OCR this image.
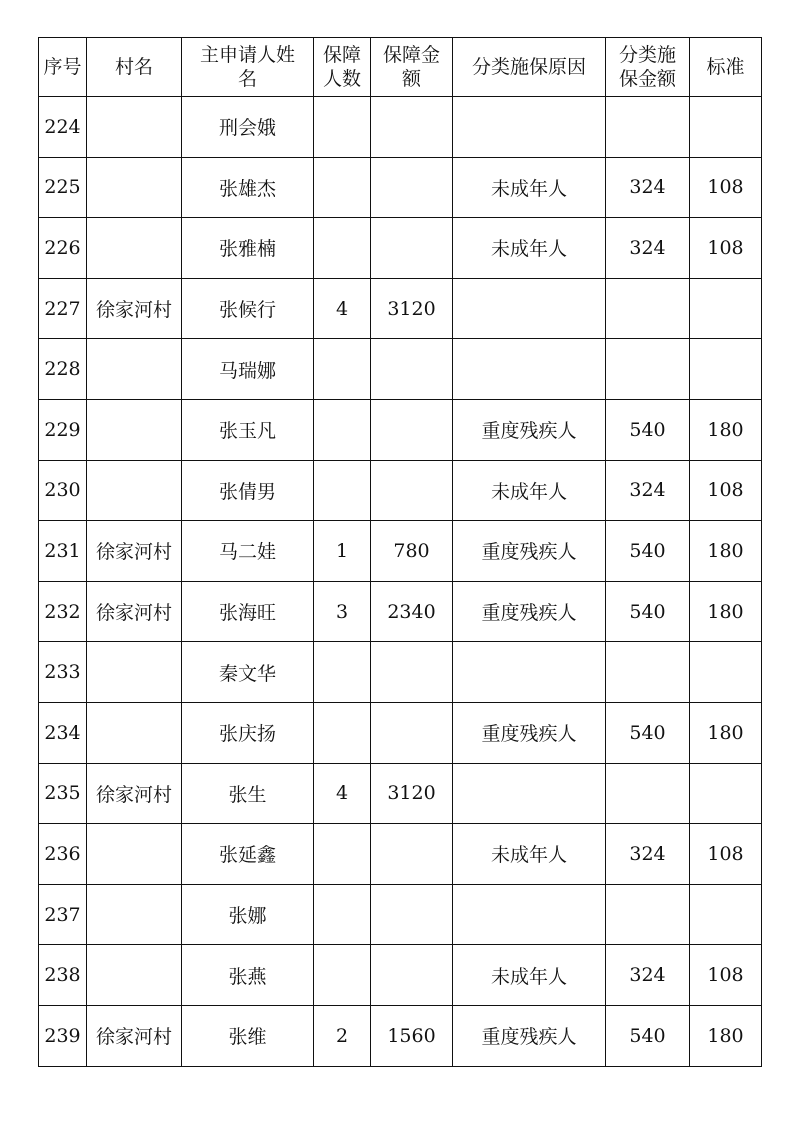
序号	村名	主申请人姓名	保障人数	保障金额	分类施保原因	分类施保金额	标准
224		刑会娥					
225		张雄杰			未成年人	324	108
226		张雅楠			未成年人	324	108
227	徐家河村	张候行	4	3120			
228		马瑞娜					
229		张玉凡			重度残疾人	540	180
230		张倩男			未成年人	324	108
231	徐家河村	马二娃	1	780	重度残疾人	540	180
232	徐家河村	张海旺	3	2340	重度残疾人	540	180
233		秦文华					
234		张庆扬			重度残疾人	540	180
235	徐家河村	张生	4	3120			
236		张延鑫			未成年人	324	108
237		张娜					
238		张燕			未成年人	324	108
239	徐家河村	张维	2	1560	重度残疾人	540	180
